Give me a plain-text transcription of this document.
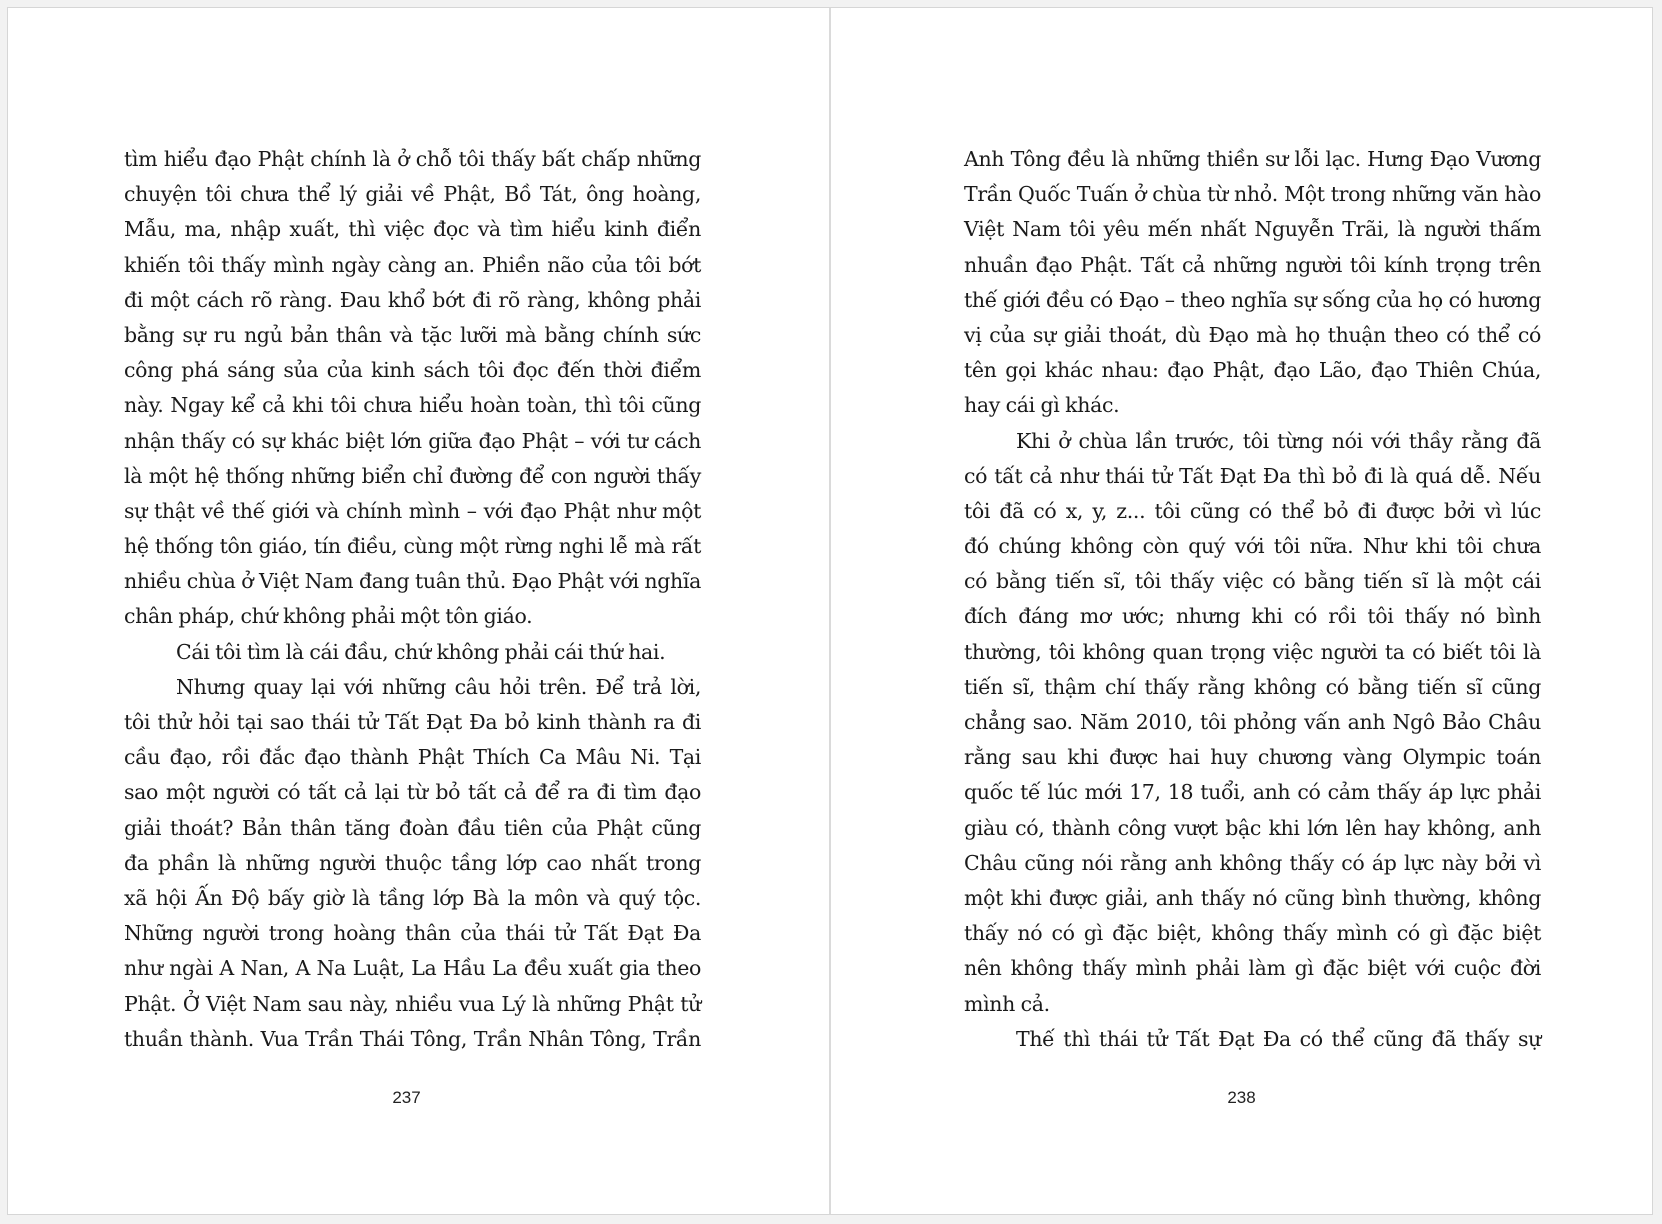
tìm hiểu đạo Phật chính là ở chỗ tôi thấy bất chấp những
chuyện tôi chưa thể lý giải về Phật, Bồ Tát, ông hoàng,
Mẫu, ma, nhập xuất, thì việc đọc và tìm hiểu kinh điển
khiến tôi thấy mình ngày càng an. Phiền não của tôi bớt
đi một cách rõ ràng. Đau khổ bớt đi rõ ràng, không phải
bằng sự ru ngủ bản thân và tặc lưỡi mà bằng chính sức
công phá sáng sủa của kinh sách tôi đọc đến thời điểm
này. Ngay kể cả khi tôi chưa hiểu hoàn toàn, thì tôi cũng
nhận thấy có sự khác biệt lớn giữa đạo Phật – với tư cách
là một hệ thống những biển chỉ đường để con người thấy
sự thật về thế giới và chính mình – với đạo Phật như một
hệ thống tôn giáo, tín điều, cùng một rừng nghi lễ mà rất
nhiều chùa ở Việt Nam đang tuân thủ. Đạo Phật với nghĩa
chân pháp, chứ không phải một tôn giáo.
Cái tôi tìm là cái đầu, chứ không phải cái thứ hai.
Nhưng quay lại với những câu hỏi trên. Để trả lời,
tôi thử hỏi tại sao thái tử Tất Đạt Đa bỏ kinh thành ra đi
cầu đạo, rồi đắc đạo thành Phật Thích Ca Mâu Ni. Tại
sao một người có tất cả lại từ bỏ tất cả để ra đi tìm đạo
giải thoát? Bản thân tăng đoàn đầu tiên của Phật cũng
đa phần là những người thuộc tầng lớp cao nhất trong
xã hội Ấn Độ bấy giờ là tầng lớp Bà la môn và quý tộc.
Những người trong hoàng thân của thái tử Tất Đạt Đa
như ngài A Nan, A Na Luật, La Hầu La đều xuất gia theo
Phật. Ở Việt Nam sau này, nhiều vua Lý là những Phật tử
thuần thành. Vua Trần Thái Tông, Trần Nhân Tông, Trần
237
Anh Tông đều là những thiền sư lỗi lạc. Hưng Đạo Vương
Trần Quốc Tuấn ở chùa từ nhỏ. Một trong những văn hào
Việt Nam tôi yêu mến nhất Nguyễn Trãi, là người thấm
nhuần đạo Phật. Tất cả những người tôi kính trọng trên
thế giới đều có Đạo – theo nghĩa sự sống của họ có hương
vị của sự giải thoát, dù Đạo mà họ thuận theo có thể có
tên gọi khác nhau: đạo Phật, đạo Lão, đạo Thiên Chúa,
hay cái gì khác.
Khi ở chùa lần trước, tôi từng nói với thầy rằng đã
có tất cả như thái tử Tất Đạt Đa thì bỏ đi là quá dễ. Nếu
tôi đã có x, y, z... tôi cũng có thể bỏ đi được bởi vì lúc
đó chúng không còn quý với tôi nữa. Như khi tôi chưa
có bằng tiến sĩ, tôi thấy việc có bằng tiến sĩ là một cái
đích đáng mơ ước; nhưng khi có rồi tôi thấy nó bình
thường, tôi không quan trọng việc người ta có biết tôi là
tiến sĩ, thậm chí thấy rằng không có bằng tiến sĩ cũng
chẳng sao. Năm 2010, tôi phỏng vấn anh Ngô Bảo Châu
rằng sau khi được hai huy chương vàng Olympic toán
quốc tế lúc mới 17, 18 tuổi, anh có cảm thấy áp lực phải
giàu có, thành công vượt bậc khi lớn lên hay không, anh
Châu cũng nói rằng anh không thấy có áp lực này bởi vì
một khi được giải, anh thấy nó cũng bình thường, không
thấy nó có gì đặc biệt, không thấy mình có gì đặc biệt
nên không thấy mình phải làm gì đặc biệt với cuộc đời
mình cả.
Thế thì thái tử Tất Đạt Đa có thể cũng đã thấy sự
238
